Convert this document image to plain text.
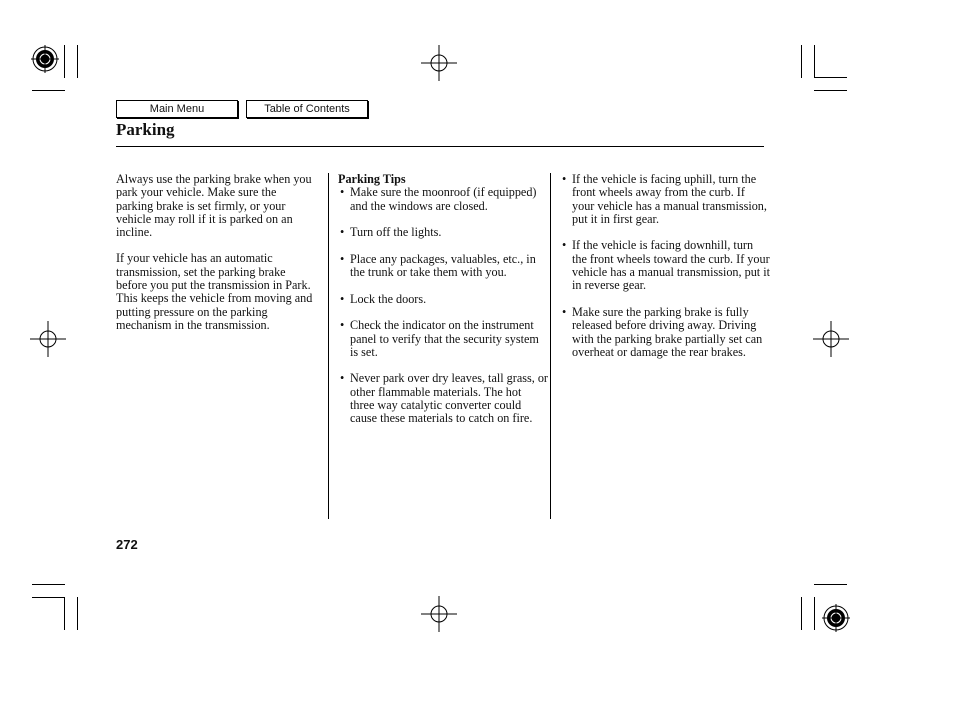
Main Menu	Table of Contents
Parking

Always use the parking brake when you park your vehicle. Make sure the parking brake is set firmly, or your vehicle may roll if it is parked on an incline.

If your vehicle has an automatic transmission, set the parking brake before you put the transmission in Park. This keeps the vehicle from moving and putting pressure on the parking mechanism in the transmission.

Parking Tips
• Make sure the moonroof (if equipped) and the windows are closed.
• Turn off the lights.
• Place any packages, valuables, etc., in the trunk or take them with you.
• Lock the doors.
• Check the indicator on the instrument panel to verify that the security system is set.
• Never park over dry leaves, tall grass, or other flammable materials. The hot three way catalytic converter could cause these materials to catch on fire.
• If the vehicle is facing uphill, turn the front wheels away from the curb. If your vehicle has a manual transmission, put it in first gear.
• If the vehicle is facing downhill, turn the front wheels toward the curb. If your vehicle has a manual transmission, put it in reverse gear.
• Make sure the parking brake is fully released before driving away. Driving with the parking brake partially set can overheat or damage the rear brakes.
272
